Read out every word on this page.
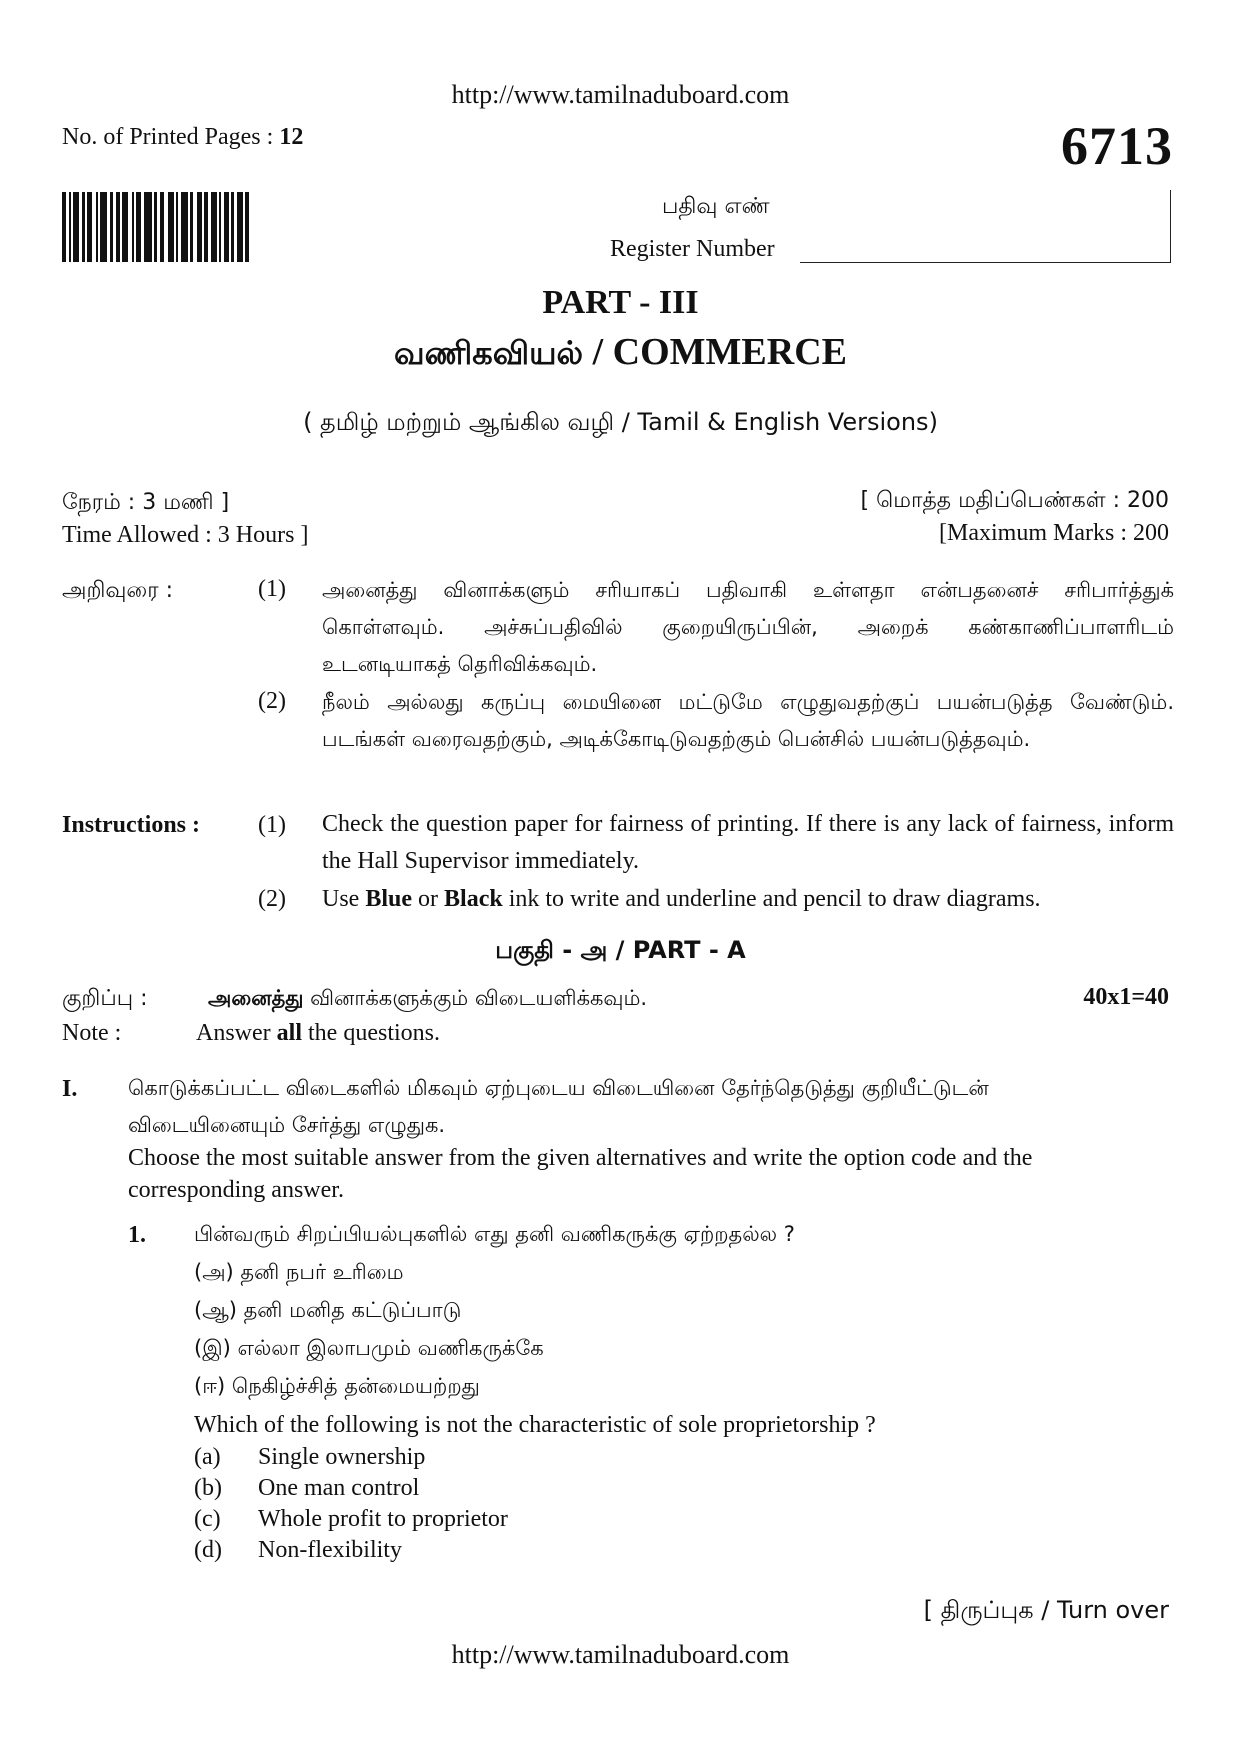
http://www.tamilnaduboard.com
No. of Printed Pages : 12	6713
பதிவு எண்
Register Number
PART - III
வணிகவியல் / COMMERCE
( தமிழ் மற்றும் ஆங்கில வழி / Tamil & English Versions)
நேரம் : 3 மணி ]
Time Allowed : 3 Hours ]
[ மொத்த மதிப்பெண்கள் : 200
[Maximum Marks : 200
அறிவுரை :	(1) அனைத்து வினாக்களும் சரியாகப் பதிவாகி உள்ளதா என்பதனைச் சரிபார்த்துக் கொள்ளவும். அச்சுப்பதிவில் குறையிருப்பின், அறைக் கண்காணிப்பாளரிடம் உடனடியாகத் தெரிவிக்கவும்.
(2) நீலம் அல்லது கருப்பு மையினை மட்டுமே எழுதுவதற்குப் பயன்படுத்த வேண்டும். படங்கள் வரைவதற்கும், அடிக்கோடிடுவதற்கும் பென்சில் பயன்படுத்தவும்.
Instructions : (1) Check the question paper for fairness of printing. If there is any lack of fairness, inform the Hall Supervisor immediately.
(2) Use Blue or Black ink to write and underline and pencil to draw diagrams.
பகுதி - அ / PART - A
குறிப்பு :	அனைத்து வினாக்களுக்கும் விடையளிக்கவும்.	40x1=40
Note :	Answer all the questions.
I. கொடுக்கப்பட்ட விடைகளில் மிகவும் ஏற்புடைய விடையினை தேர்ந்தெடுத்து குறியீட்டுடன் விடையினையும் சேர்த்து எழுதுக.
Choose the most suitable answer from the given alternatives and write the option code and the corresponding answer.
1. பின்வரும் சிறப்பியல்புகளில் எது தனி வணிகருக்கு ஏற்றதல்ல ?
(அ) தனி நபர் உரிமை
(ஆ) தனி மனித கட்டுப்பாடு
(இ) எல்லா இலாபமும் வணிகருக்கே
(ஈ) நெகிழ்ச்சித் தன்மையற்றது
Which of the following is not the characteristic of sole proprietorship ?
(a) Single ownership
(b) One man control
(c) Whole profit to proprietor
(d) Non-flexibility
[ திருப்புக / Turn over
http://www.tamilnaduboard.com
